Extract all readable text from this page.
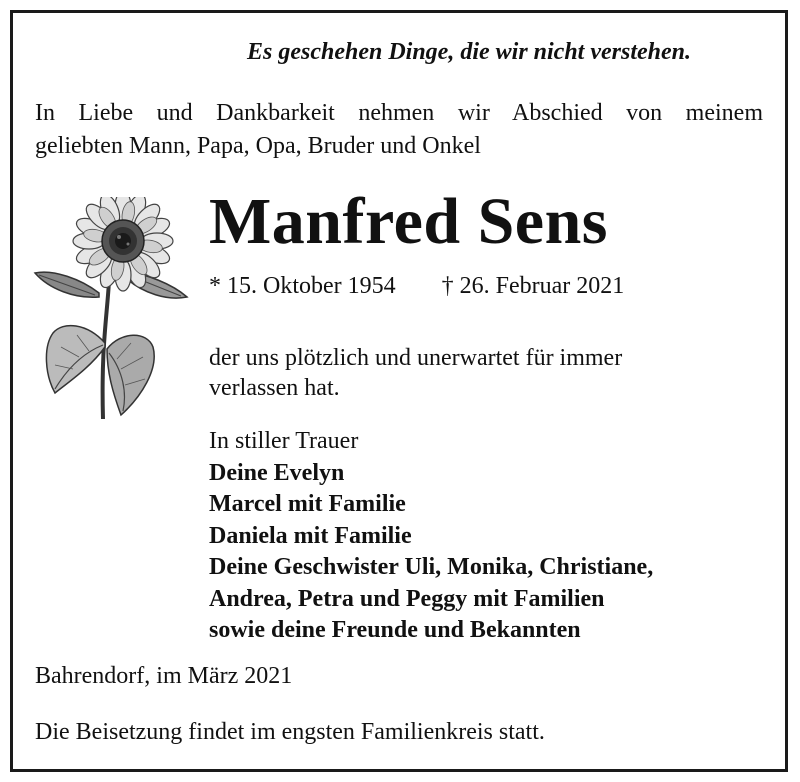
Es geschehen Dinge, die wir nicht verstehen.
In Liebe und Dankbarkeit nehmen wir Abschied von meinem
geliebten Mann, Papa, Opa, Bruder und Onkel
Manfred Sens
* 15. Oktober 1954 † 26. Februar 2021
der uns plötzlich und unerwartet für immer
verlassen hat.
In stiller Trauer
Deine Evelyn
Marcel mit Familie
Daniela mit Familie
Deine Geschwister Uli, Monika, Christiane,
Andrea, Petra und Peggy mit Familien
sowie deine Freunde und Bekannten
Bahrendorf, im März 2021
Die Beisetzung findet im engsten Familienkreis statt.
